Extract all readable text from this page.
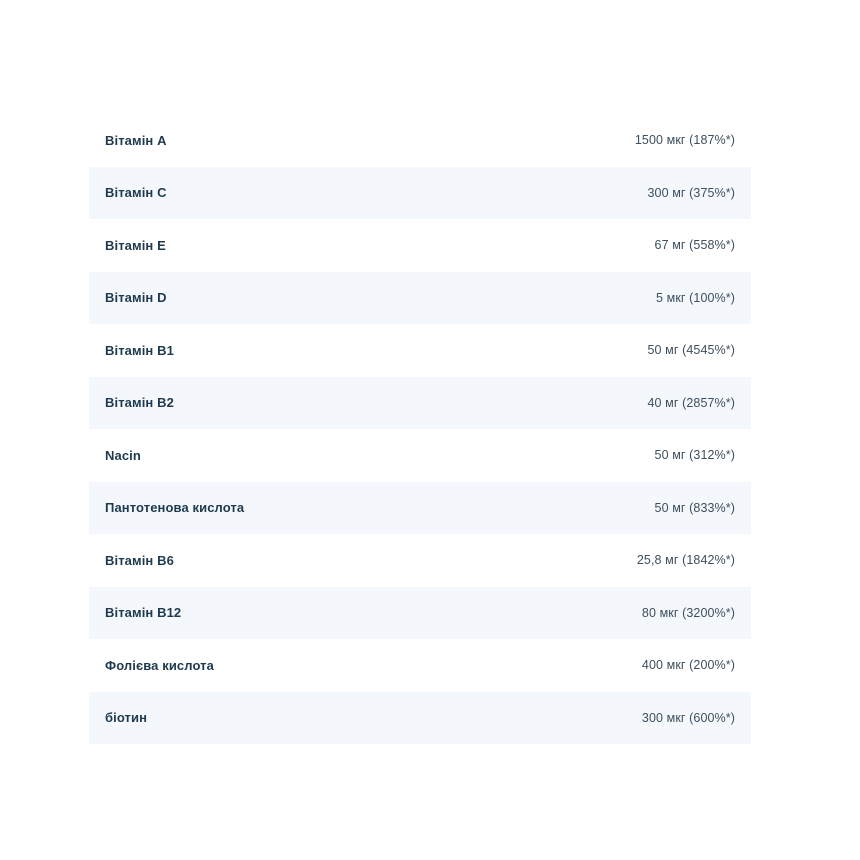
Вітамін А	1500 мкг (187%*)
Вітамін С	300 мг (375%*)
Вітамін Е	67 мг (558%*)
Вітамін D	5 мкг (100%*)
Вітамін В1	50 мг (4545%*)
Вітамін В2	40 мг (2857%*)
Nacin	50 мг (312%*)
Пантотенова кислота	50 мг (833%*)
Вітамін В6	25,8 мг (1842%*)
Вітамін В12	80 мкг (3200%*)
Фолієва кислота	400 мкг (200%*)
біотин	300 мкг (600%*)
